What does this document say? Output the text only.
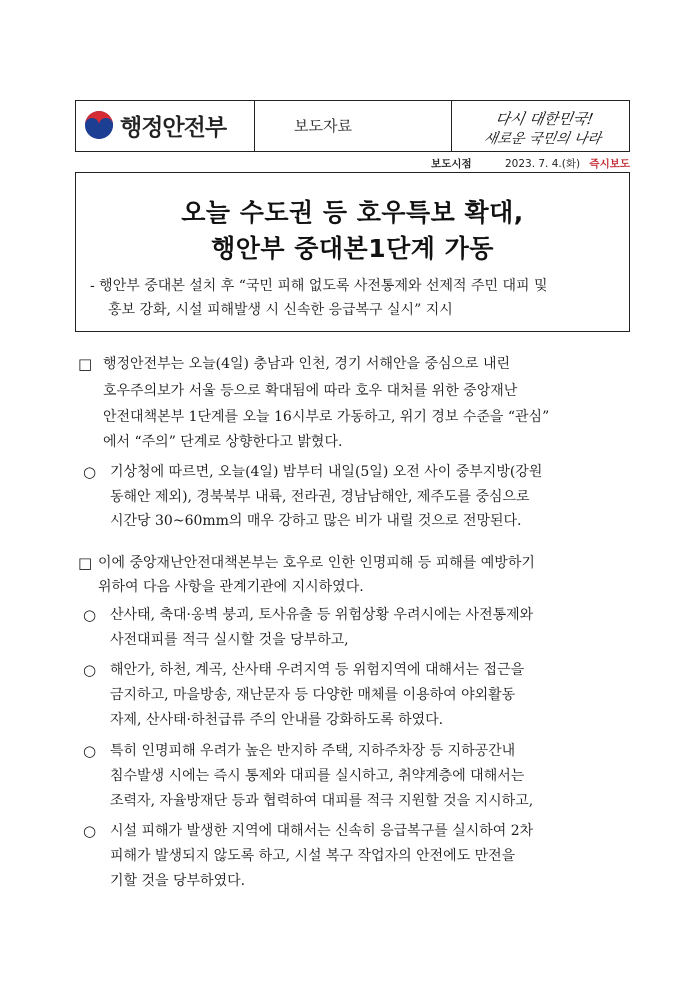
행정안전부	보도자료	다시 대한민국!
새로운 국민의 나라
보도시점	2023. 7. 4.(화) 즉시보도
오늘 수도권 등 호우특보 확대,
행안부 중대본1단계 가동
- 행안부 중대본 설치 후 “국민 피해 없도록 사전통제와 선제적 주민 대피 및
홍보 강화, 시설 피해발생 시 신속한 응급복구 실시” 지시
□ 행정안전부는 오늘(4일) 충남과 인천, 경기 서해안을 중심으로 내린
호우주의보가 서울 등으로 확대됨에 따라 호우 대처를 위한 중앙재난
안전대책본부 1단계를 오늘 16시부로 가동하고, 위기 경보 수준을 “관심”
에서 “주의” 단계로 상향한다고 밝혔다.
○ 기상청에 따르면, 오늘(4일) 밤부터 내일(5일) 오전 사이 중부지방(강원
동해안 제외), 경북북부 내륙, 전라권, 경남남해안, 제주도를 중심으로
시간당 30~60mm의 매우 강하고 많은 비가 내릴 것으로 전망된다.
□ 이에 중앙재난안전대책본부는 호우로 인한 인명피해 등 피해를 예방하기
위하여 다음 사항을 관계기관에 지시하였다.
○ 산사태, 축대·옹벽 붕괴, 토사유출 등 위험상황 우려시에는 사전통제와
사전대피를 적극 실시할 것을 당부하고,
○ 해안가, 하천, 계곡, 산사태 우려지역 등 위험지역에 대해서는 접근을
금지하고, 마을방송, 재난문자 등 다양한 매체를 이용하여 야외활동
자제, 산사태·하천급류 주의 안내를 강화하도록 하였다.
○ 특히 인명피해 우려가 높은 반지하 주택, 지하주차장 등 지하공간내
침수발생 시에는 즉시 통제와 대피를 실시하고, 취약계층에 대해서는
조력자, 자율방재단 등과 협력하여 대피를 적극 지원할 것을 지시하고,
○ 시설 피해가 발생한 지역에 대해서는 신속히 응급복구를 실시하여 2차
피해가 발생되지 않도록 하고, 시설 복구 작업자의 안전에도 만전을
기할 것을 당부하였다.
